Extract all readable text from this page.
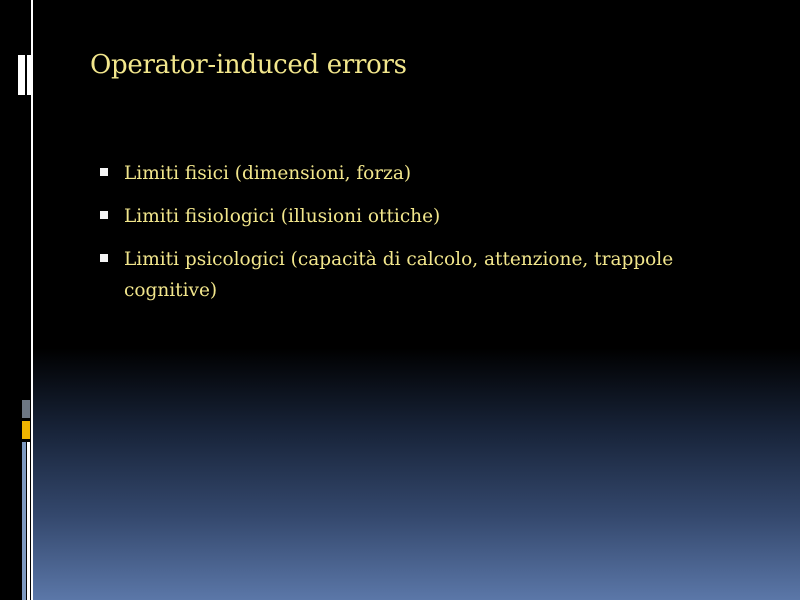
Operator-induced errors
Limiti fisici (dimensioni, forza)
Limiti fisiologici (illusioni ottiche)
Limiti psicologici (capacità di calcolo, attenzione, trappole cognitive)
